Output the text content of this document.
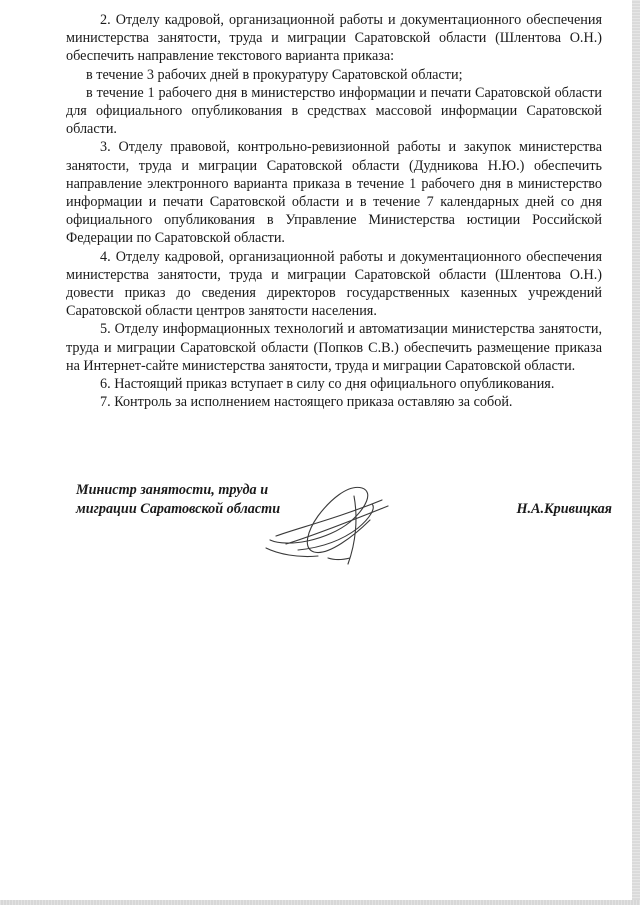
2. Отделу кадровой, организационной работы и документационного обеспечения министерства занятости, труда и миграции Саратовской области (Шлентова О.Н.) обеспечить направление текстового варианта приказа:

в течение 3 рабочих дней в прокуратуру Саратовской области;

в течение 1 рабочего дня в министерство информации и печати Саратовской области для официального опубликования в средствах массовой информации Саратовской области.

3. Отделу правовой, контрольно-ревизионной работы и закупок министерства занятости, труда и миграции Саратовской области (Дудникова Н.Ю.) обеспечить направление электронного варианта приказа в течение 1 рабочего дня в министерство информации и печати Саратовской области и в течение 7 календарных дней со дня официального опубликования в Управление Министерства юстиции Российской Федерации по Саратовской области.

4. Отделу кадровой, организационной работы и документационного обеспечения министерства занятости, труда и миграции Саратовской области (Шлентова О.Н.) довести приказ до сведения директоров государственных казенных учреждений Саратовской области центров занятости населения.

5. Отделу информационных технологий и автоматизации министерства занятости, труда и миграции Саратовской области (Попков С.В.) обеспечить размещение приказа на Интернет-сайте министерства занятости, труда и миграции Саратовской области.

6. Настоящий приказ вступает в силу со дня официального опубликования.

7. Контроль за исполнением настоящего приказа оставляю за собой.

Министр занятости, труда и
миграции Саратовской области	Н.А.Кривицкая
